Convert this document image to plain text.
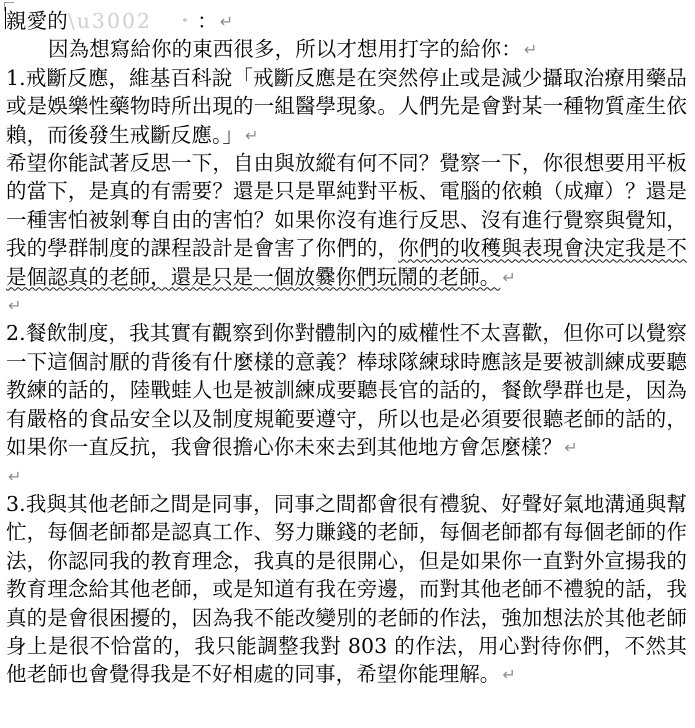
親愛的\u3002　 ・： ↵

因為想寫給你的東西很多，所以才想用打字的給你： ↵

1.戒斷反應，維基百科說「戒斷反應是在突然停止或是減少攝取治療用藥品或是娛樂性藥物時所出現的一組醫學現象。人們先是會對某一種物質產生依賴，而後發生戒斷反應。」 ↵

希望你能試著反思一下，自由與放縱有何不同？覺察一下，你很想要用平板的當下，是真的有需要？還是只是單純對平板、電腦的依賴（成癉）？還是一種害怕被剝奪自由的害怕？如果你沒有進行反思、沒有進行覺察與覺知，我的學群制度的課程設計是會害了你們的，你們的收穫與表現會決定我是不是個認真的老師，還是只是一個放爨你們玩鬧的老師。 ↵

↵

2.餐飲制度，我其實有觀察到你對體制內的威權性不太喜歡，但你可以覺察一下這個討厭的背後有什麼樣的意義？棒球隊練球時應該是要被訓練成要聽教練的話的，陸戰蛙人也是被訓練成要聽長官的話的，餐飲學群也是，因為有嚴格的食品安全以及制度規範要遵守，所以也是必須要很聽老師的話的，如果你一直反抗，我會很擔心你未來去到其他地方會怎麼樣？ ↵

↵

3.我與其他老師之間是同事，同事之間都會很有禮貌、好聲好氣地溝通與幫忙，每個老師都是認真工作、努力賺錢的老師，每個老師都有每個老師的作法，你認同我的教育理念，我真的是很開心，但是如果你一直對外宣揚我的教育理念給其他老師，或是知道有我在旁邊，而對其他老師不禮貌的話，我真的是會很困擾的，因為我不能改變別的老師的作法，強加想法於其他老師身上是很不恰當的，我只能調整我對 803 的作法，用心對待你們，不然其他老師也會覺得我是不好相處的同事，希望你能理解。 ↵
